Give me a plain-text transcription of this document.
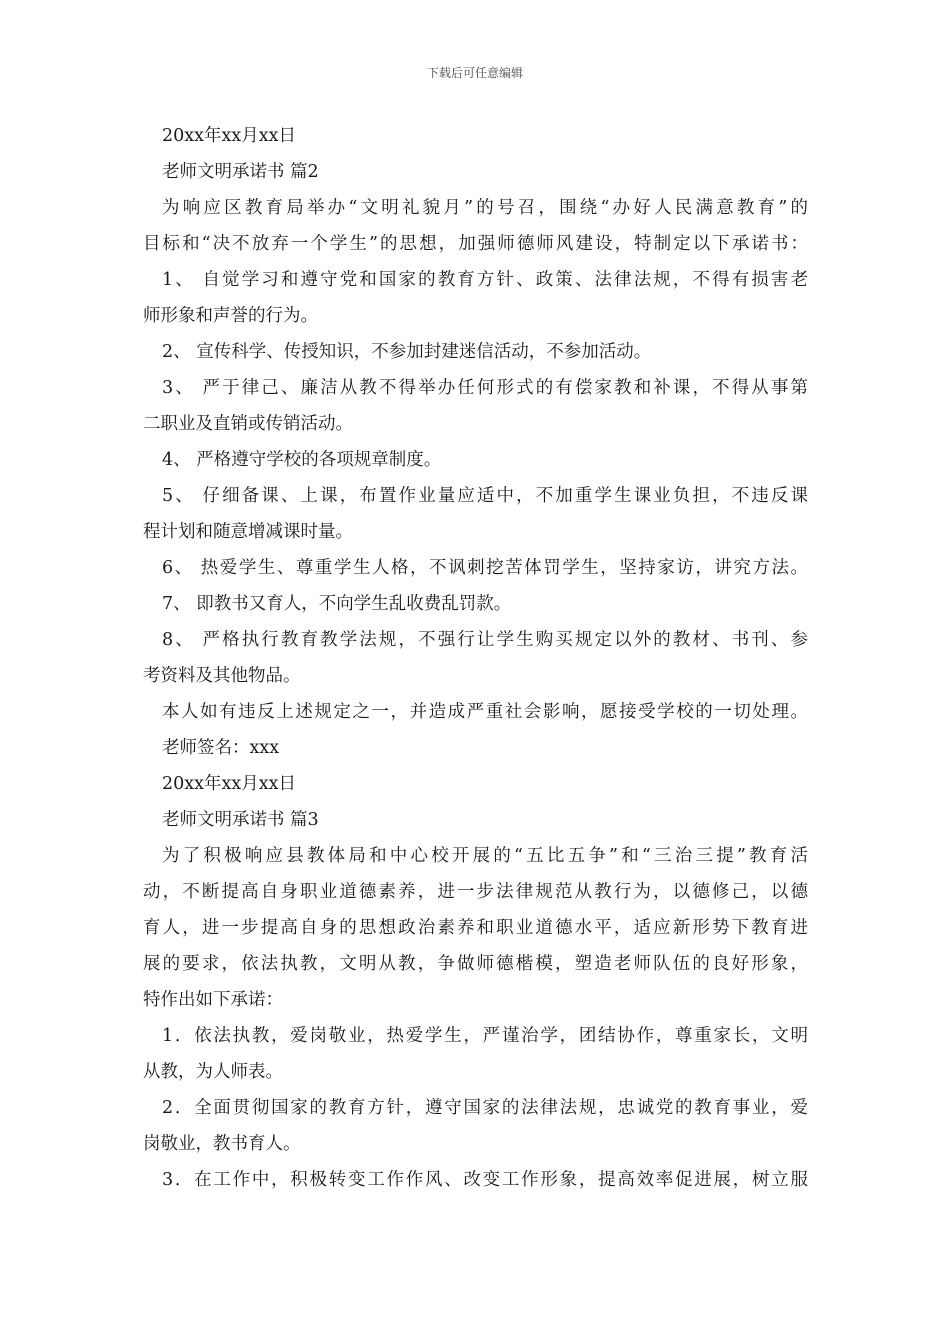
下载后可任意编辑
20xx年xx月xx日
老师文明承诺书 篇2
为响应区教育局举办“文明礼貌月”的号召，围绕“办好人民满意教育”的
目标和“决不放弃一个学生”的思想，加强师德师风建设，特制定以下承诺书：
1、 自觉学习和遵守党和国家的教育方针、政策、法律法规，不得有损害老
师形象和声誉的行为。
2、 宣传科学、传授知识，不参加封建迷信活动，不参加活动。
3、 严于律己、廉洁从教不得举办任何形式的有偿家教和补课，不得从事第
二职业及直销或传销活动。
4、 严格遵守学校的各项规章制度。
5、 仔细备课、上课，布置作业量应适中，不加重学生课业负担，不违反课
程计划和随意增减课时量。
6、 热爱学生、尊重学生人格，不讽刺挖苦体罚学生，坚持家访，讲究方法。
7、 即教书又育人，不向学生乱收费乱罚款。
8、 严格执行教育教学法规，不强行让学生购买规定以外的教材、书刊、参
考资料及其他物品。
本人如有违反上述规定之一，并造成严重社会影响，愿接受学校的一切处理。
老师签名：xxx
20xx年xx月xx日
老师文明承诺书 篇3
为了积极响应县教体局和中心校开展的“五比五争”和“三治三提”教育活
动，不断提高自身职业道德素养，进一步法律规范从教行为，以德修己，以德
育人，进一步提高自身的思想政治素养和职业道德水平，适应新形势下教育进
展的要求，依法执教，文明从教，争做师德楷模，塑造老师队伍的良好形象，
特作出如下承诺：
1．依法执教，爱岗敬业，热爱学生，严谨治学，团结协作，尊重家长，文明
从教，为人师表。
2．全面贯彻国家的教育方针，遵守国家的法律法规，忠诚党的教育事业，爱
岗敬业，教书育人。
3．在工作中，积极转变工作作风、改变工作形象，提高效率促进展，树立服
